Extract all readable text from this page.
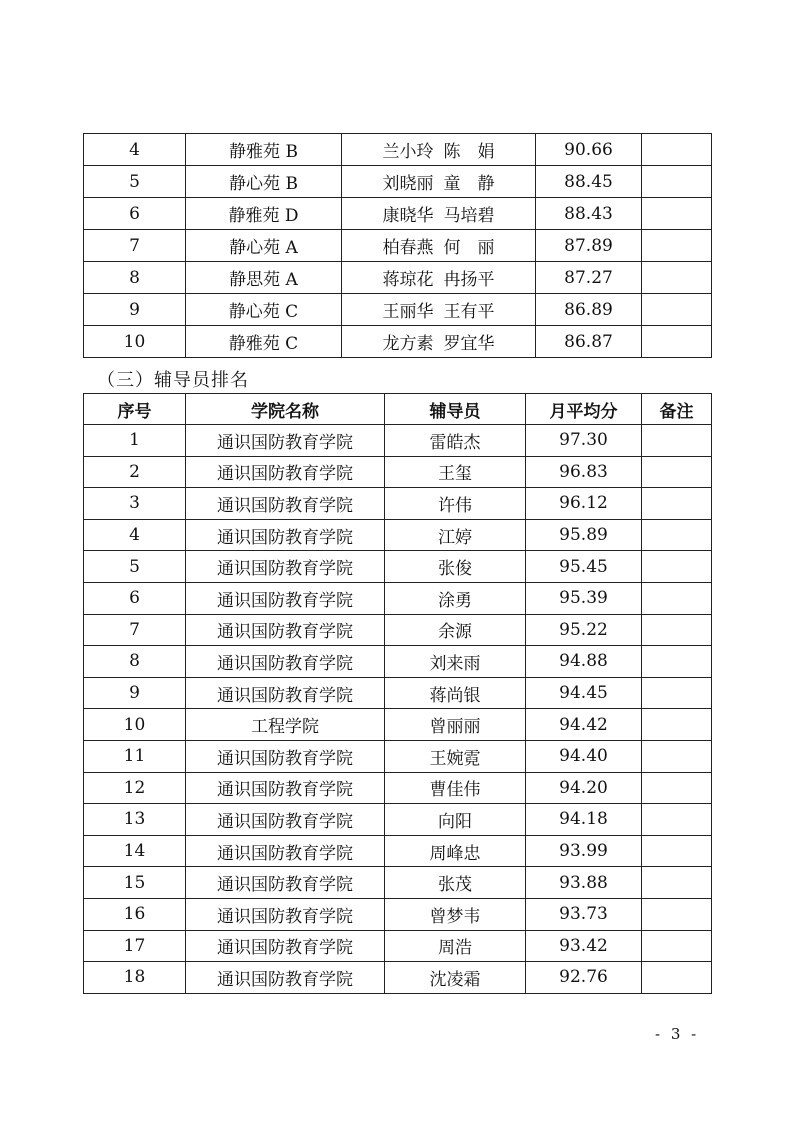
4	静雅苑 B	兰小玲 陈　娟	90.66	
5	静心苑 B	刘晓丽 童　静	88.45	
6	静雅苑 D	康晓华 马培碧	88.43	
7	静心苑 A	柏春燕 何　丽	87.89	
8	静思苑 A	蒋琼花 冉扬平	87.27	
9	静心苑 C	王丽华 王有平	86.89	
10	静雅苑 C	龙方素 罗宜华	86.87	
（三）辅导员排名
序号	学院名称	辅导员	月平均分	备注
1	通识国防教育学院	雷皓杰	97.30	
2	通识国防教育学院	王玺	96.83	
3	通识国防教育学院	许伟	96.12	
4	通识国防教育学院	江婷	95.89	
5	通识国防教育学院	张俊	95.45	
6	通识国防教育学院	涂勇	95.39	
7	通识国防教育学院	余源	95.22	
8	通识国防教育学院	刘来雨	94.88	
9	通识国防教育学院	蒋尚银	94.45	
10	工程学院	曾丽丽	94.42	
11	通识国防教育学院	王婉霓	94.40	
12	通识国防教育学院	曹佳伟	94.20	
13	通识国防教育学院	向阳	94.18	
14	通识国防教育学院	周峰忠	93.99	
15	通识国防教育学院	张茂	93.88	
16	通识国防教育学院	曾梦韦	93.73	
17	通识国防教育学院	周浩	93.42	
18	通识国防教育学院	沈凌霜	92.76	
- 3 -
